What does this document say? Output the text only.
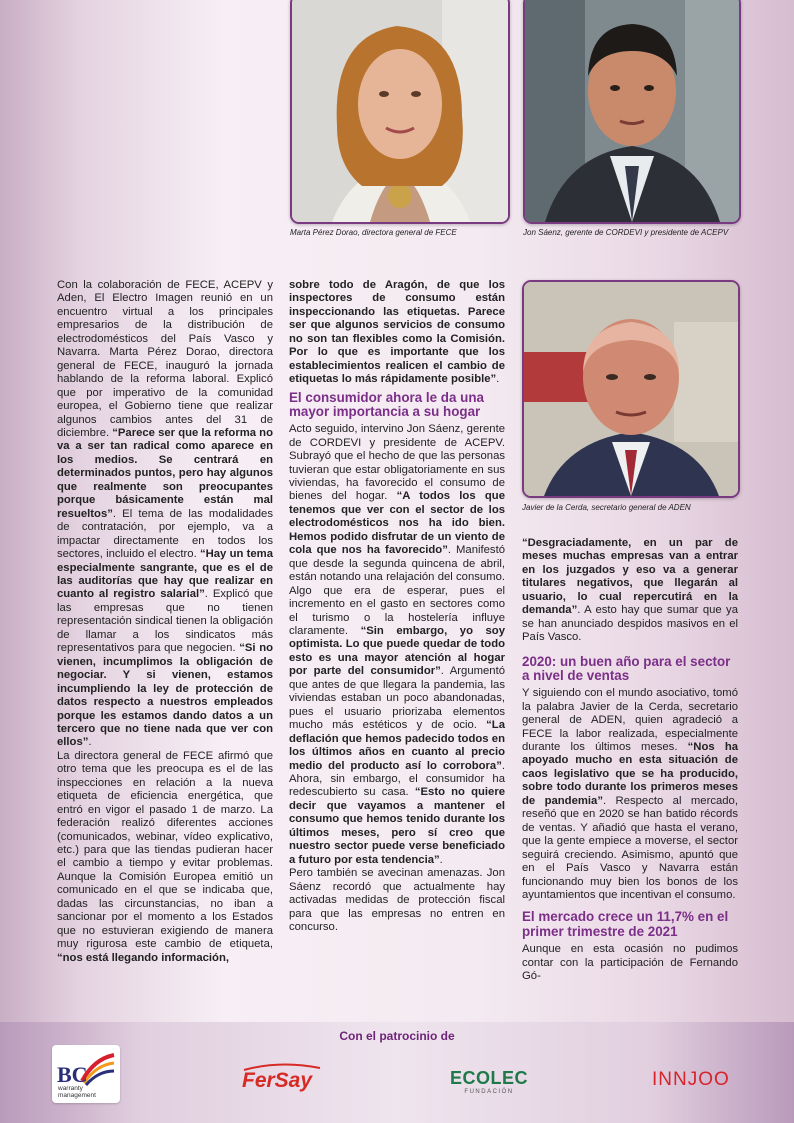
Marta Pérez Dorao, directora general de FECE	Jon Sáenz, gerente de CORDEVI y presidente de ACEPV
Javier de la Cerda, secretario general de ADEN

Con la colaboración de FECE, ACEPV y Aden, El Electro Imagen reunió en un encuentro virtual a los principales empresarios de la distribución de electrodomésticos del País Vasco y Navarra. Marta Pérez Dorao, directora general de FECE, inauguró la jornada hablando de la reforma laboral. Explicó que por imperativo de la comunidad europea, el Gobierno tiene que realizar algunos cambios antes del 31 de diciembre. “Parece ser que la reforma no va a ser tan radical como aparece en los medios. Se centrará en determinados puntos, pero hay algunos que realmente son preocupantes porque básicamente están mal resueltos”. El tema de las modalidades de contratación, por ejemplo, va a impactar directamente en todos los sectores, incluido el electro. “Hay un tema especialmente sangrante, que es el de las auditorías que hay que realizar en cuanto al registro salarial”. Explicó que las empresas que no tienen representación sindical tienen la obligación de llamar a los sindicatos más representativos para que negocien. “Si no vienen, incumplimos la obligación de negociar. Y si vienen, estamos incumpliendo la ley de protección de datos respecto a nuestros empleados porque les estamos dando datos a un tercero que no tiene nada que ver con ellos”.

La directora general de FECE afirmó que otro tema que les preocupa es el de las inspecciones en relación a la nueva etiqueta de eficiencia energética, que entró en vigor el pasado 1 de marzo. La federación realizó diferentes acciones (comunicados, webinar, vídeo explicativo, etc.) para que las tiendas pudieran hacer el cambio a tiempo y evitar problemas. Aunque la Comisión Europea emitió un comunicado en el que se indicaba que, dadas las circunstancias, no iban a sancionar por el momento a los Estados que no estuvieran exigiendo de manera muy rigurosa este cambio de etiqueta, “nos está llegando información,

sobre todo de Aragón, de que los inspectores de consumo están inspeccionando las etiquetas. Parece ser que algunos servicios de consumo no son tan flexibles como la Comisión. Por lo que es importante que los establecimientos realicen el cambio de etiquetas lo más rápidamente posible”.

El consumidor ahora le da una mayor importancia a su hogar

Acto seguido, intervino Jon Sáenz, gerente de CORDEVI y presidente de ACEPV. Subrayó que el hecho de que las personas tuvieran que estar obligatoriamente en sus viviendas, ha favorecido el consumo de bienes del hogar. “A todos los que tenemos que ver con el sector de los electrodomésticos nos ha ido bien. Hemos podido disfrutar de un viento de cola que nos ha favorecido”. Manifestó que desde la segunda quincena de abril, están notando una relajación del consumo. Algo que era de esperar, pues el incremento en el gasto en sectores como el turismo o la hostelería influye claramente. “Sin embargo, yo soy optimista. Lo que puede quedar de todo esto es una mayor atención al hogar por parte del consumidor”. Argumentó que antes de que llegara la pandemia, las viviendas estaban un poco abandonadas, pues el usuario priorizaba elementos mucho más estéticos y de ocio. “La deflación que hemos padecido todos en los últimos años en cuanto al precio medio del producto así lo corrobora”. Ahora, sin embargo, el consumidor ha redescubierto su casa. “Esto no quiere decir que vayamos a mantener el consumo que hemos tenido durante los últimos meses, pero sí creo que nuestro sector puede verse beneficiado a futuro por esta tendencia”.

Pero también se avecinan amenazas. Jon Sáenz recordó que actualmente hay activadas medidas de protección fiscal para que las empresas no entren en concurso.

“Desgraciadamente, en un par de meses muchas empresas van a entrar en los juzgados y eso va a generar titulares negativos, que llegarán al usuario, lo cual repercutirá en la demanda”. A esto hay que sumar que ya se han anunciado despidos masivos en el País Vasco.

2020: un buen año para el sector a nivel de ventas

Y siguiendo con el mundo asociativo, tomó la palabra Javier de la Cerda, secretario general de ADEN, quien agradeció a FECE la labor realizada, especialmente durante los últimos meses. “Nos ha apoyado mucho en esta situación de caos legislativo que se ha producido, sobre todo durante los primeros meses de pandemia”. Respecto al mercado, reseñó que en 2020 se han batido récords de ventas. Y añadió que hasta el verano, que la gente empiece a moverse, el sector seguirá creciendo. Asimismo, apuntó que en el País Vasco y Navarra están funcionando muy bien los bonos de los ayuntamientos que incentivan el consumo.

El mercado crece un 11,7% en el primer trimestre de 2021

Aunque en esta ocasión no pudimos contar con la participación de Fernando Gó-

Con el patrocinio de
BC
warranty
management
FerSay	ECOLEC
FUNDACIÓN
INNJOO
